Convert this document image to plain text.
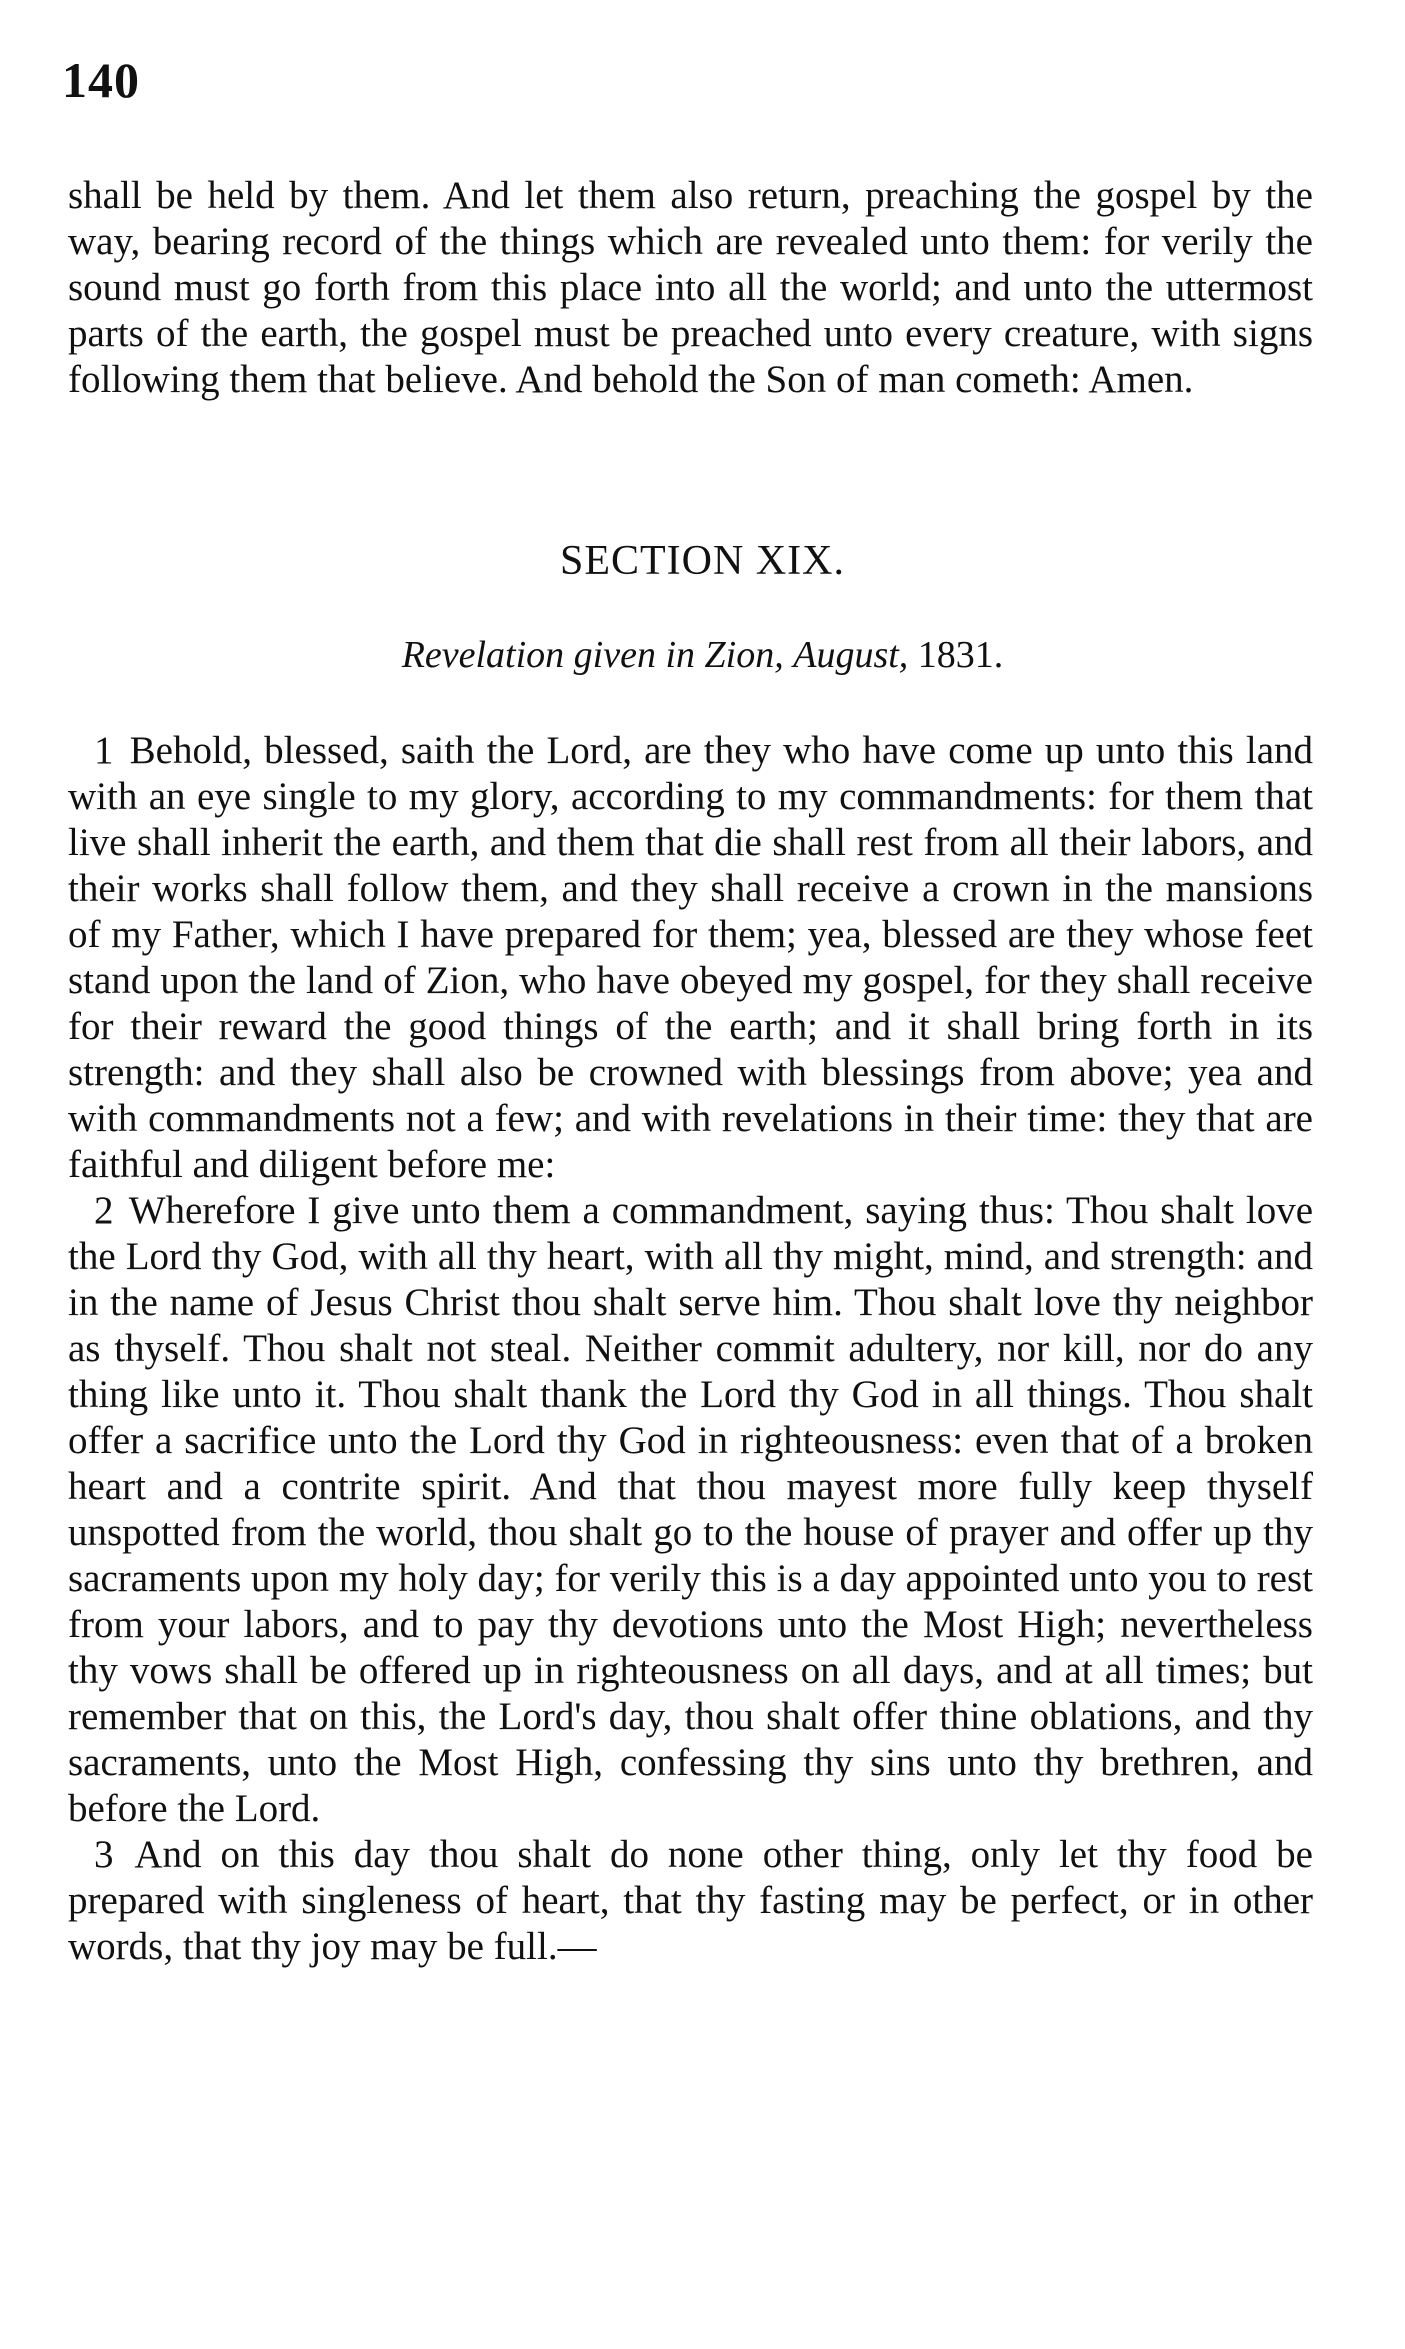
140

shall be held by them. And let them also return, preaching the gospel by the way, bearing record of the things which are revealed unto them: for verily the sound must go forth from this place into all the world; and unto the uttermost parts of the earth, the gospel must be preached unto every creature, with signs following them that believe. And behold the Son of man cometh: Amen.

SECTION XIX.
Revelation given in Zion, August, 1831.

1 Behold, blessed, saith the Lord, are they who have come up unto this land with an eye single to my glory, according to my commandments: for them that live shall inherit the earth, and them that die shall rest from all their labors, and their works shall follow them, and they shall receive a crown in the mansions of my Father, which I have prepared for them; yea, blessed are they whose feet stand upon the land of Zion, who have obeyed my gospel, for they shall receive for their reward the good things of the earth; and it shall bring forth in its strength: and they shall also be crowned with blessings from above; yea and with commandments not a few; and with revelations in their time: they that are faithful and diligent before me:

2 Wherefore I give unto them a commandment, saying thus: Thou shalt love the Lord thy God, with all thy heart, with all thy might, mind, and strength: and in the name of Jesus Christ thou shalt serve him. Thou shalt love thy neighbor as thyself. Thou shalt not steal. Neither commit adultery, nor kill, nor do any thing like unto it. Thou shalt thank the Lord thy God in all things. Thou shalt offer a sacrifice unto the Lord thy God in righteousness: even that of a broken heart and a contrite spirit. And that thou mayest more fully keep thyself unspotted from the world, thou shalt go to the house of prayer and offer up thy sacraments upon my holy day; for verily this is a day appointed unto you to rest from your labors, and to pay thy devotions unto the Most High; nevertheless thy vows shall be offered up in righteousness on all days, and at all times; but remember that on this, the Lord's day, thou shalt offer thine oblations, and thy sacraments, unto the Most High, confessing thy sins unto thy brethren, and before the Lord.

3 And on this day thou shalt do none other thing, only let thy food be prepared with singleness of heart, that thy fasting may be perfect, or in other words, that thy joy may be full.—
